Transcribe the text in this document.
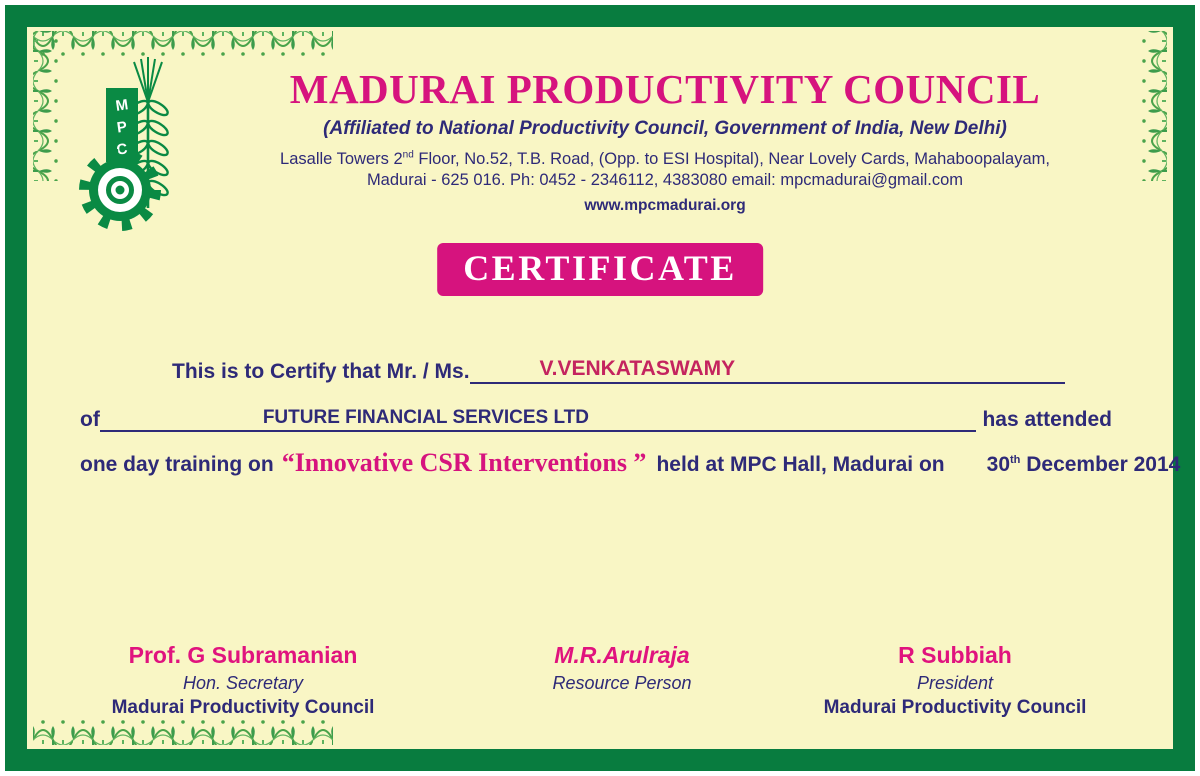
M
P
C
MADURAI PRODUCTIVITY COUNCIL
(Affiliated to National Productivity Council, Government of India, New Delhi)
Lasalle Towers 2nd Floor, No.52, T.B. Road, (Opp. to ESI Hospital), Near Lovely Cards, Mahaboopalayam,
Madurai - 625 016. Ph: 0452 - 2346112, 4383080 email: mpcmadurai@gmail.com
www.mpcmadurai.org
CERTIFICATE
This is to Certify that Mr. / Ms.	V.VENKATASWAMY
of	FUTURE FINANCIAL SERVICES LTD	has attended
one day training on “Innovative CSR Interventions ” held at MPC Hall, Madurai on 30th December 2014
Prof. G Subramanian
Hon. Secretary
Madurai Productivity Council
M.R.Arulraja
Resource Person
R Subbiah
President
Madurai Productivity Council
